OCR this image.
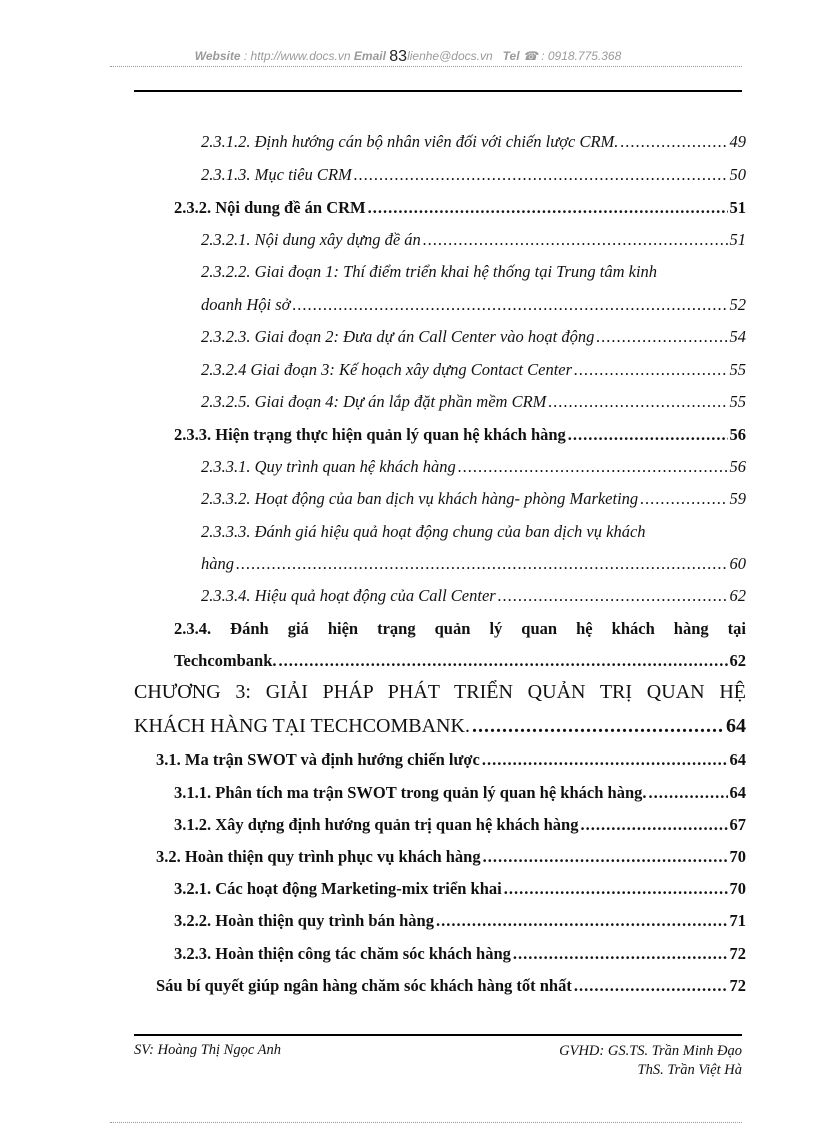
Website : http://www.docs.vn Email 83lienhe@docs.vn Tel ☎ : 0918.775.368
2.3.1.2. Định hướng cán bộ nhân viên đối với chiến lược CRM. .....	49
2.3.1.3. Mục tiêu CRM .....	50
2.3.2. Nội dung đề án CRM .....	51
2.3.2.1. Nội dung xây dựng đề án .....	51
2.3.2.2. Giai đoạn 1: Thí điểm triển khai hệ thống tại Trung tâm kinh
doanh Hội sở .....	52
2.3.2.3. Giai đoạn 2: Đưa dự án Call Center vào hoạt động .....	54
2.3.2.4 Giai đoạn 3: Kế hoạch xây dựng Contact Center .....	55
2.3.2.5. Giai đoạn 4: Dự án lắp đặt phần mềm CRM .....	55
2.3.3. Hiện trạng thực hiện quản lý quan hệ khách hàng .....	56
2.3.3.1. Quy trình quan hệ khách hàng .....	56
2.3.3.2. Hoạt động của ban dịch vụ khách hàng- phòng Marketing .....	59
2.3.3.3. Đánh giá hiệu quả hoạt động chung của ban dịch vụ khách
hàng .....	60
2.3.3.4. Hiệu quả hoạt động của Call Center .....	62
2.3.4. Đánh giá hiện trạng quản lý quan hệ khách hàng tại
Techcombank. .....	62
CHƯƠNG 3: GIẢI PHÁP PHÁT TRIỂN QUẢN TRỊ QUAN HỆ
KHÁCH HÀNG TẠI TECHCOMBANK. .....	64
3.1. Ma trận SWOT và định hướng chiến lược .....	64
3.1.1. Phân tích ma trận SWOT trong quản lý quan hệ khách hàng. .....	64
3.1.2. Xây dựng định hướng quản trị quan hệ khách hàng .....	67
3.2. Hoàn thiện quy trình phục vụ khách hàng .....	70
3.2.1. Các hoạt động Marketing-mix triển khai .....	70
3.2.2. Hoàn thiện quy trình bán hàng .....	71
3.2.3. Hoàn thiện công tác chăm sóc khách hàng .....	72
Sáu bí quyết giúp ngân hàng chăm sóc khách hàng tốt nhất .....	72
SV: Hoàng Thị Ngọc Anh	GVHD: GS.TS. Trần Minh Đạo
ThS. Trần Việt Hà
